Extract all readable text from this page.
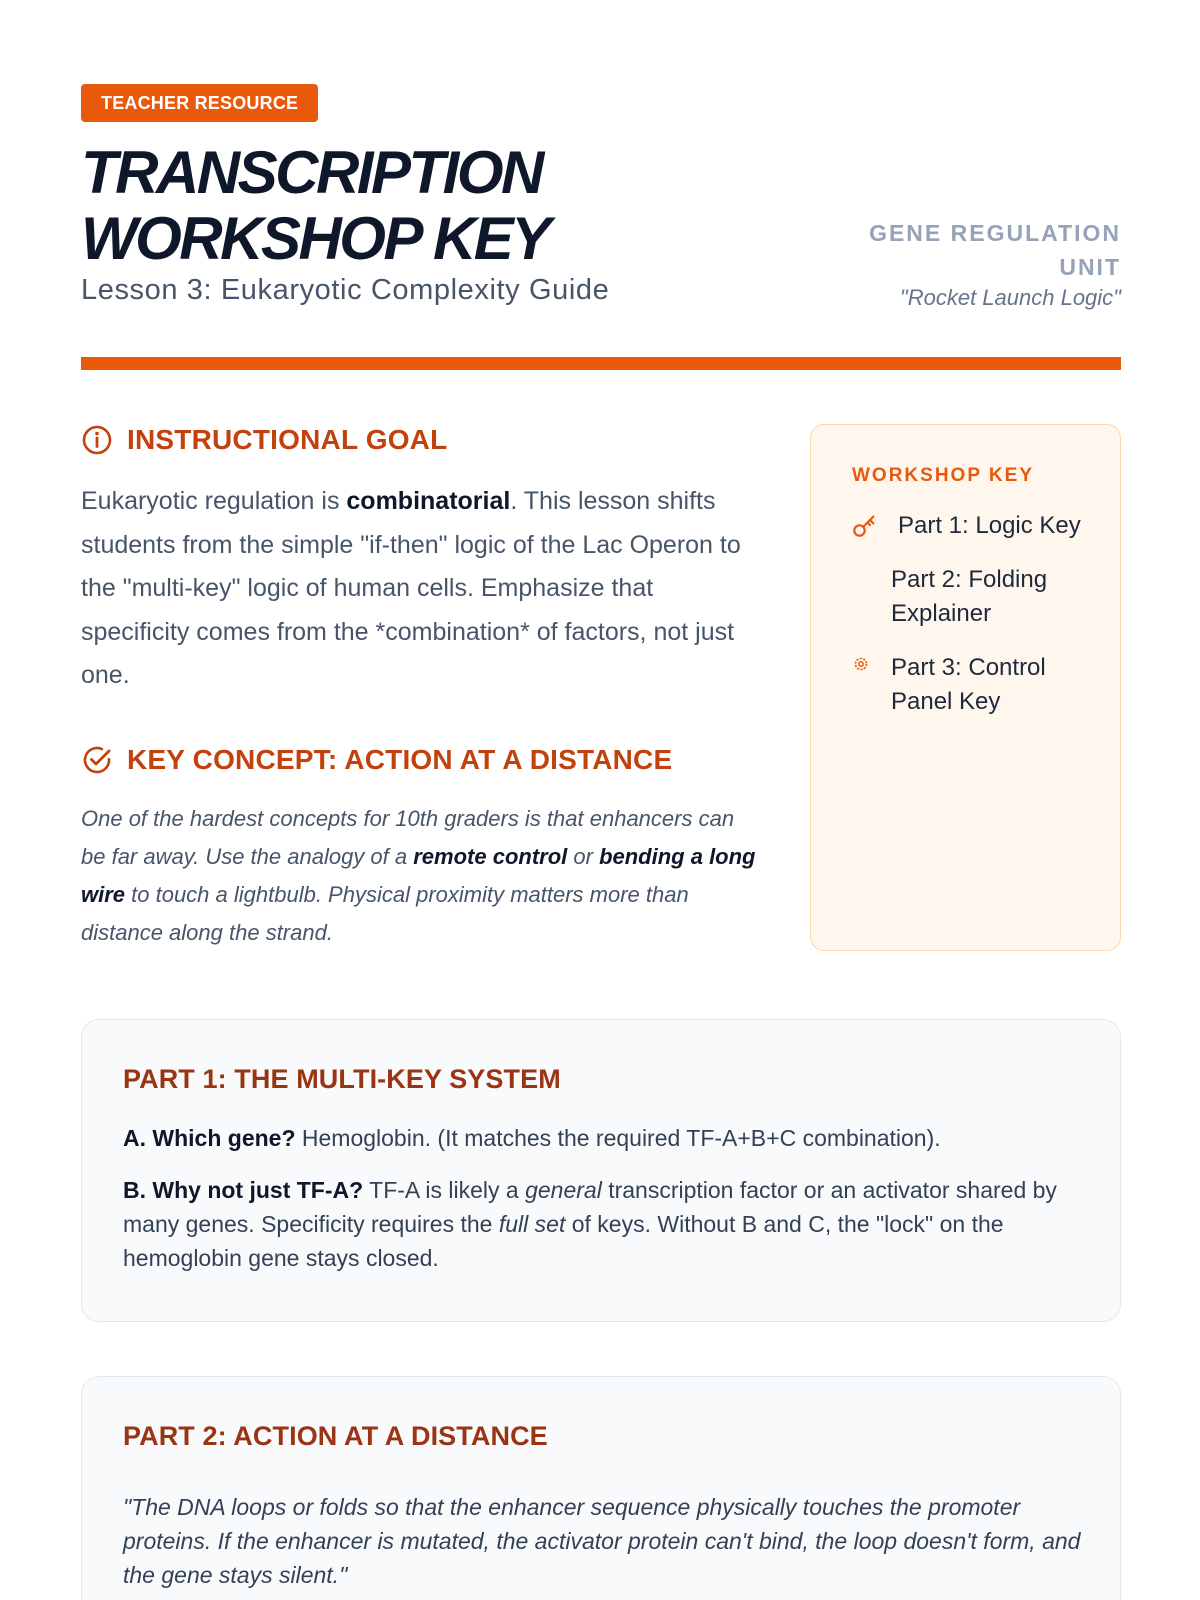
TEACHER RESOURCE
TRANSCRIPTION
WORKSHOP KEY
Lesson 3: Eukaryotic Complexity Guide
GENE REGULATION
UNIT
"Rocket Launch Logic"
INSTRUCTIONAL GOAL

Eukaryotic regulation is combinatorial. This lesson shifts students from the simple "if-then" logic of the Lac Operon to the "multi-key" logic of human cells. Emphasize that specificity comes from the *combination* of factors, not just one.

KEY CONCEPT: ACTION AT A DISTANCE

One of the hardest concepts for 10th graders is that enhancers can be far away. Use the analogy of a remote control or bending a long wire to touch a lightbulb. Physical proximity matters more than distance along the strand.

WORKSHOP KEY
Part 1: Logic Key
Part 2: Folding Explainer
Part 3: Control Panel Key
PART 1: THE MULTI-KEY SYSTEM

A. Which gene? Hemoglobin. (It matches the required TF-A+B+C combination).

B. Why not just TF-A? TF-A is likely a general transcription factor or an activator shared by many genes. Specificity requires the full set of keys. Without B and C, the "lock" on the hemoglobin gene stays closed.

PART 2: ACTION AT A DISTANCE

"The DNA loops or folds so that the enhancer sequence physically touches the promoter proteins. If the enhancer is mutated, the activator protein can't bind, the loop doesn't form, and the gene stays silent."
